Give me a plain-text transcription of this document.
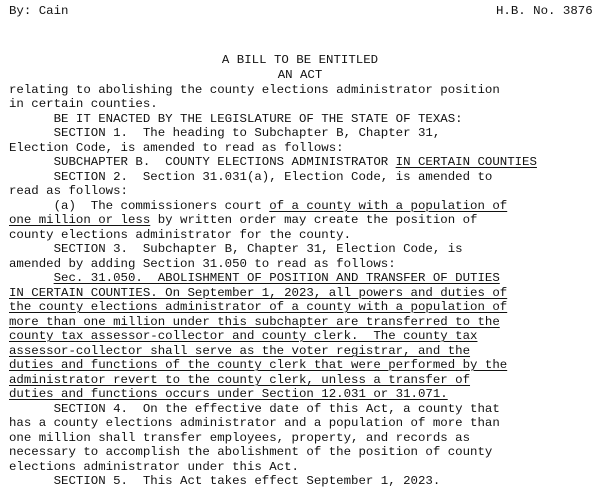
By: Cain	H.B. No. 3876
A BILL TO BE ENTITLED
AN ACT
relating to abolishing the county elections administrator position
in certain counties.
BE IT ENACTED BY THE LEGISLATURE OF THE STATE OF TEXAS:
SECTION 1.  The heading to Subchapter B, Chapter 31,
Election Code, is amended to read as follows:
SUBCHAPTER B.  COUNTY ELECTIONS ADMINISTRATOR IN CERTAIN COUNTIES
SECTION 2.  Section 31.031(a), Election Code, is amended to
read as follows:
(a)  The commissioners court of a county with a population of
one million or less by written order may create the position of
county elections administrator for the county.
SECTION 3.  Subchapter B, Chapter 31, Election Code, is
amended by adding Section 31.050 to read as follows:
Sec. 31.050.  ABOLISHMENT OF POSITION AND TRANSFER OF DUTIES
IN CERTAIN COUNTIES. On September 1, 2023, all powers and duties of
the county elections administrator of a county with a population of
more than one million under this subchapter are transferred to the
county tax assessor-collector and county clerk.  The county tax
assessor-collector shall serve as the voter registrar, and the
duties and functions of the county clerk that were performed by the
administrator revert to the county clerk, unless a transfer of
duties and functions occurs under Section 12.031 or 31.071.
SECTION 4.  On the effective date of this Act, a county that
has a county elections administrator and a population of more than
one million shall transfer employees, property, and records as
necessary to accomplish the abolishment of the position of county
elections administrator under this Act.
SECTION 5.  This Act takes effect September 1, 2023.
